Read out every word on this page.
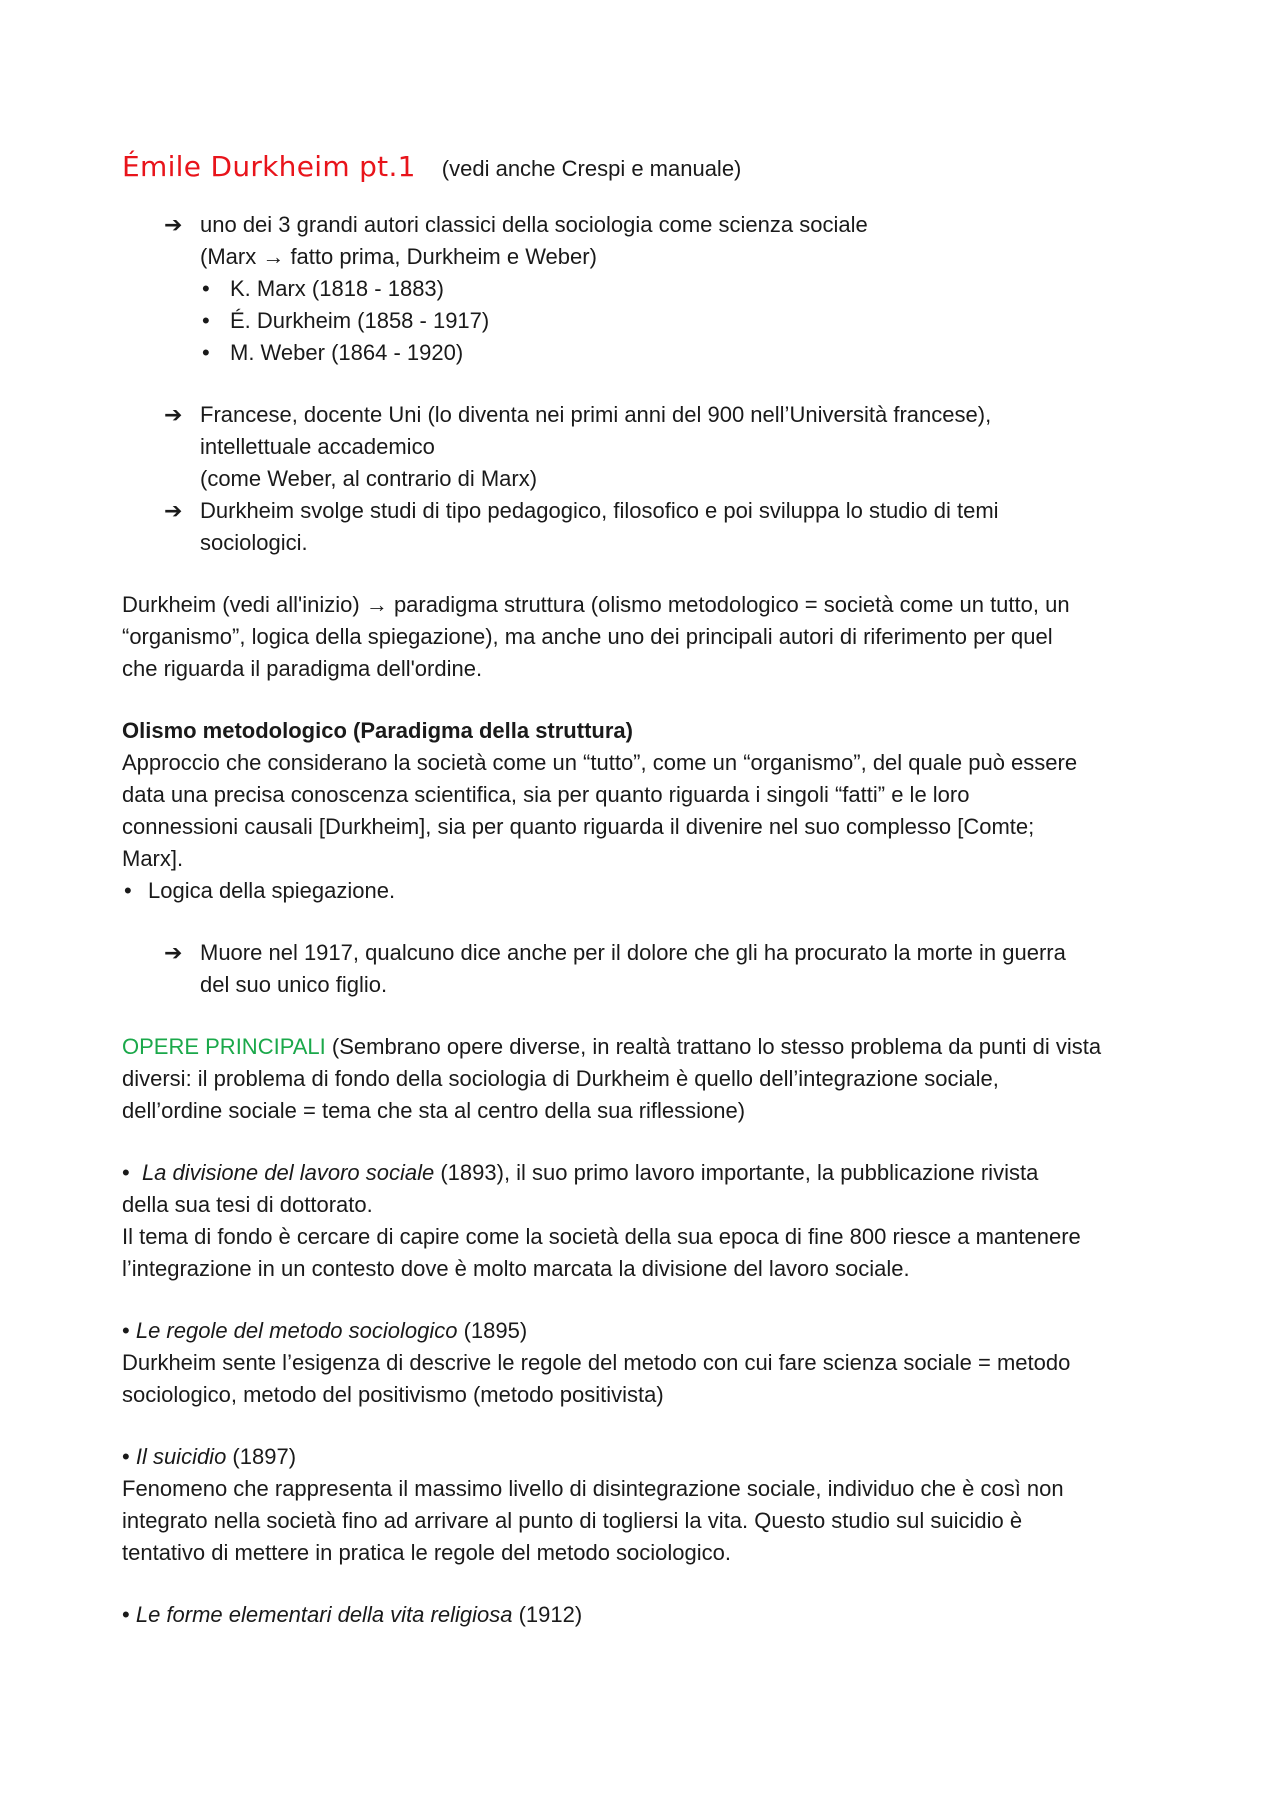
Émile Durkheim pt.1 (vedi anche Crespi e manuale)
➔ uno dei 3 grandi autori classici della sociologia come scienza sociale

(Marx → fatto prima, Durkheim e Weber)

• K. Marx (1818 - 1883)
• É. Durkheim (1858 - 1917)
• M. Weber (1864 - 1920)
➔ Francese, docente Uni (lo diventa nei primi anni del 900 nell’Università francese),

intellettuale accademico

(come Weber, al contrario di Marx)

➔ Durkheim svolge studi di tipo pedagogico, filosofico e poi sviluppa lo studio di temi

sociologici.

Durkheim (vedi all'inizio) → paradigma struttura (olismo metodologico = società come un tutto, un

“organismo”, logica della spiegazione), ma anche uno dei principali autori di riferimento per quel

che riguarda il paradigma dell'ordine.

Olismo metodologico (Paradigma della struttura)

Approccio che considerano la società come un “tutto”, come un “organismo”, del quale può essere

data una precisa conoscenza scientifica, sia per quanto riguarda i singoli “fatti” e le loro

connessioni causali [Durkheim], sia per quanto riguarda il divenire nel suo complesso [Comte;

Marx].

• Logica della spiegazione.
➔ Muore nel 1917, qualcuno dice anche per il dolore che gli ha procurato la morte in guerra

del suo unico figlio.

OPERE PRINCIPALI (Sembrano opere diverse, in realtà trattano lo stesso problema da punti di vista

diversi: il problema di fondo della sociologia di Durkheim è quello dell’integrazione sociale,

dell’ordine sociale = tema che sta al centro della sua riflessione)

•  La divisione del lavoro sociale (1893), il suo primo lavoro importante, la pubblicazione rivista

della sua tesi di dottorato.

Il tema di fondo è cercare di capire come la società della sua epoca di fine 800 riesce a mantenere

l’integrazione in un contesto dove è molto marcata la divisione del lavoro sociale.

• Le regole del metodo sociologico (1895)

Durkheim sente l’esigenza di descrive le regole del metodo con cui fare scienza sociale = metodo

sociologico, metodo del positivismo (metodo positivista)

• Il suicidio (1897)

Fenomeno che rappresenta il massimo livello di disintegrazione sociale, individuo che è così non

integrato nella società fino ad arrivare al punto di togliersi la vita. Questo studio sul suicidio è

tentativo di mettere in pratica le regole del metodo sociologico.

• Le forme elementari della vita religiosa (1912)
